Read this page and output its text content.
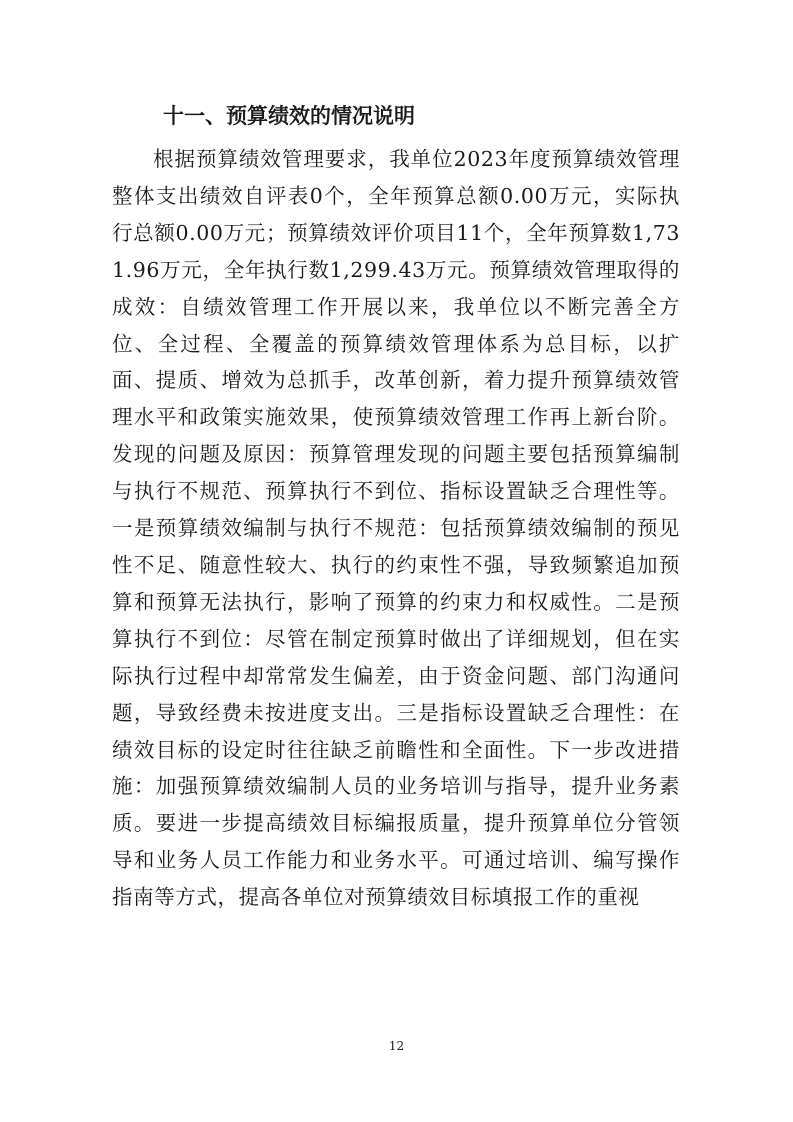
十一、预算绩效的情况说明

根据预算绩效管理要求，我单位2023年度预算绩效管理整体支出绩效自评表0个，全年预算总额0.00万元，实际执行总额0.00万元；预算绩效评价项目11个，全年预算数1,731.96万元，全年执行数1,299.43万元。预算绩效管理取得的成效：自绩效管理工作开展以来，我单位以不断完善全方位、全过程、全覆盖的预算绩效管理体系为总目标，以扩面、提质、增效为总抓手，改革创新，着力提升预算绩效管理水平和政策实施效果，使预算绩效管理工作再上新台阶。发现的问题及原因：预算管理发现的问题主要包括预算编制与执行不规范、预算执行不到位、指标设置缺乏合理性等。一是预算绩效编制与执行不规范：包括预算绩效编制的预见性不足、随意性较大、执行的约束性不强，导致频繁追加预算和预算无法执行，影响了预算的约束力和权威性。二是预算执行不到位：尽管在制定预算时做出了详细规划，但在实际执行过程中却常常发生偏差，由于资金问题、部门沟通问题，导致经费未按进度支出。三是指标设置缺乏合理性：在绩效目标的设定时往往缺乏前瞻性和全面性。下一步改进措施：加强预算绩效编制人员的业务培训与指导，提升业务素质。要进一步提高绩效目标编报质量，提升预算单位分管领导和业务人员工作能力和业务水平。可通过培训、编写操作指南等方式，提高各单位对预算绩效目标填报工作的重视

12
